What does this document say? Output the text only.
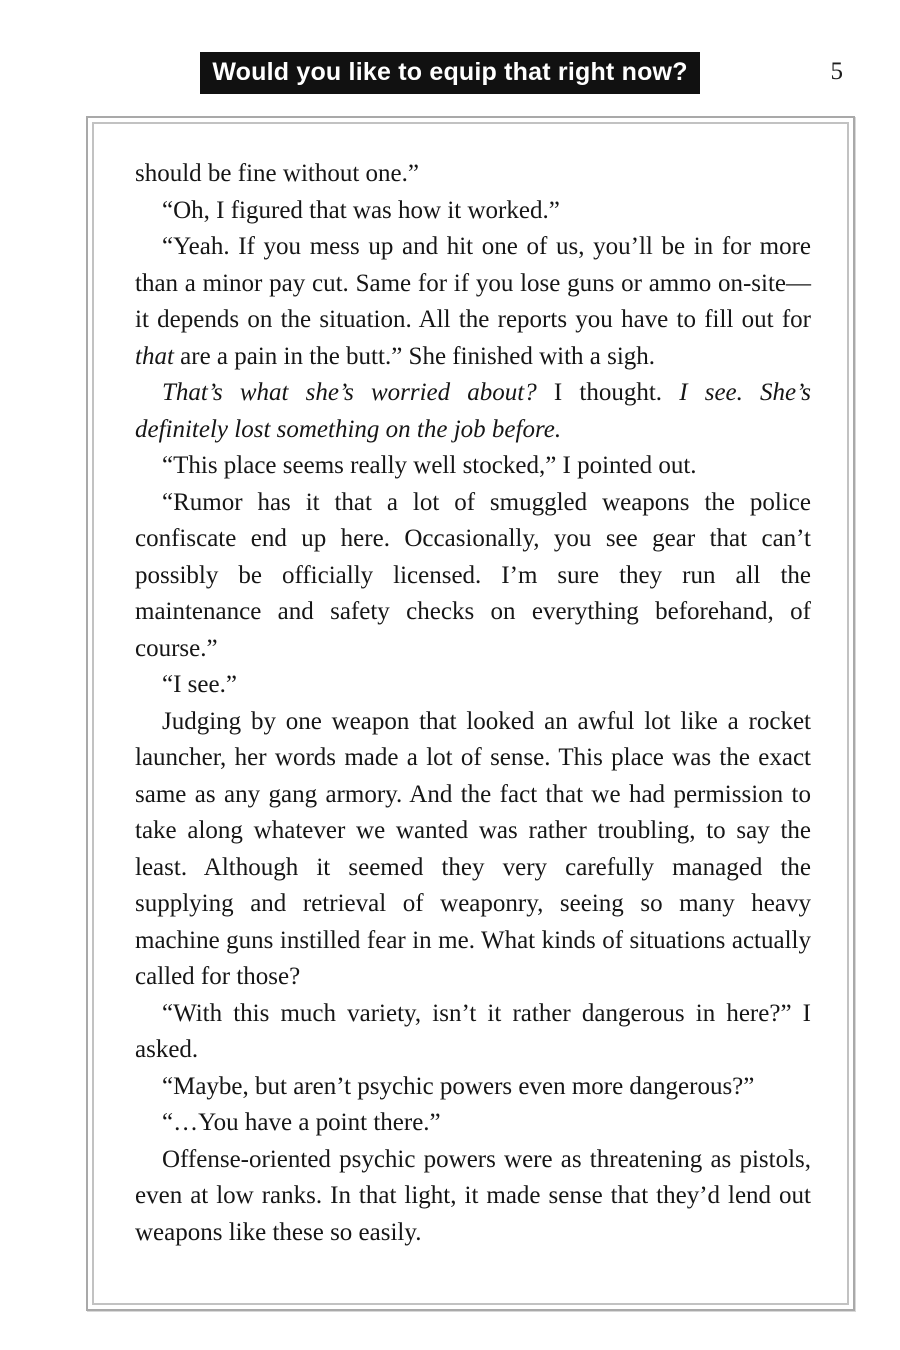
Would you like to equip that right now?	5

should be fine without one.”

“Oh, I figured that was how it worked.”

“Yeah. If you mess up and hit one of us, you’ll be in for more than a minor pay cut. Same for if you lose guns or ammo on-site—it depends on the situation. All the reports you have to fill out for that are a pain in the butt.” She finished with a sigh.

That’s what she’s worried about? I thought. I see. She’s definitely lost something on the job before.

“This place seems really well stocked,” I pointed out.

“Rumor has it that a lot of smuggled weapons the police confiscate end up here. Occasionally, you see gear that can’t possibly be officially licensed. I’m sure they run all the maintenance and safety checks on everything beforehand, of course.”

“I see.”

Judging by one weapon that looked an awful lot like a rocket launcher, her words made a lot of sense. This place was the exact same as any gang armory. And the fact that we had permission to take along whatever we wanted was rather troubling, to say the least. Although it seemed they very carefully managed the supplying and retrieval of weaponry, seeing so many heavy machine guns instilled fear in me. What kinds of situations actually called for those?

“With this much variety, isn’t it rather dangerous in here?” I asked.

“Maybe, but aren’t psychic powers even more dangerous?”

“…You have a point there.”

Offense-oriented psychic powers were as threatening as pistols, even at low ranks. In that light, it made sense that they’d lend out weapons like these so easily.
